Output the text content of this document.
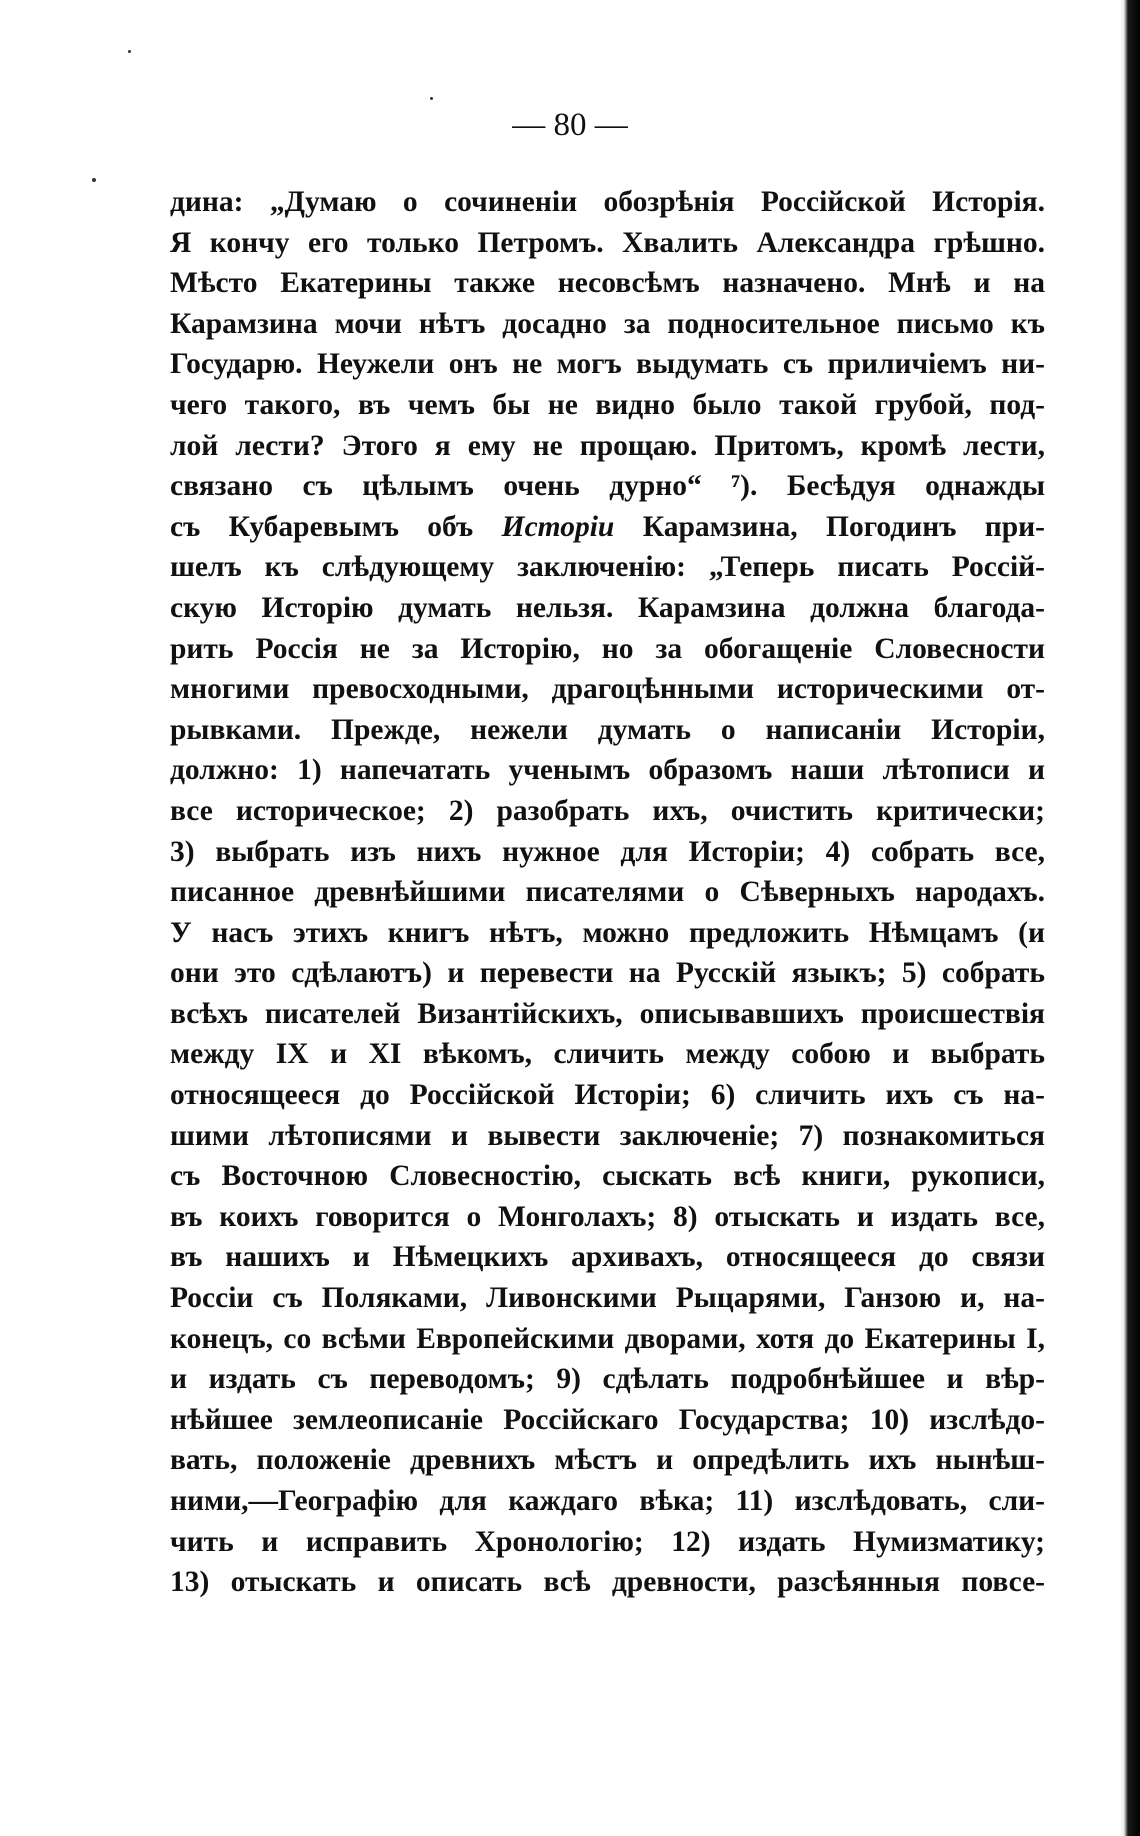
— 80 —
дина: „Думаю о сочиненіи обозрѣнія Россійской Исторія.
Я кончу его только Петромъ. Хвалить Александра грѣшно.
Мѣсто Екатерины также несовсѣмъ назначено. Мнѣ и на
Карамзина мочи нѣтъ досадно за подносительное письмо къ
Государю. Неужели онъ не могъ выдумать съ приличіемъ ни-
чего такого, въ чемъ бы не видно было такой грубой, под-
лой лести? Этого я ему не прощаю. Притомъ, кромѣ лести,
связано съ цѣлымъ очень дурно“ ⁷). Бесѣдуя однажды
съ Кубаревымъ объ Исторіи Карамзина, Погодинъ при-
шелъ къ слѣдующему заключенію: „Теперь писать Россій-
скую Исторію думать нельзя. Карамзина должна благода-
рить Россія не за Исторію, но за обогащеніе Словесности
многими превосходными, драгоцѣнными историческими от-
рывками. Прежде, нежели думать о написаніи Исторіи,
должно: 1) напечатать ученымъ образомъ наши лѣтописи и
все историческое; 2) разобрать ихъ, очистить критически;
3) выбрать изъ нихъ нужное для Исторіи; 4) собрать все,
писанное древнѣйшими писателями о Сѣверныхъ народахъ.
У насъ этихъ книгъ нѣтъ, можно предложить Нѣмцамъ (и
они это сдѣлаютъ) и перевести на Русскій языкъ; 5) собрать
всѣхъ писателей Византійскихъ, описывавшихъ происшествія
между IX и XI вѣкомъ, сличить между собою и выбрать
относящееся до Россійской Исторіи; 6) сличить ихъ съ на-
шими лѣтописями и вывести заключеніе; 7) познакомиться
съ Восточною Словесностію, сыскать всѣ книги, рукописи,
въ коихъ говорится о Монголахъ; 8) отыскать и издать все,
въ нашихъ и Нѣмецкихъ архивахъ, относящееся до связи
Россіи съ Поляками, Ливонскими Рыцарями, Ганзою и, на-
конецъ, со всѣми Европейскими дворами, хотя до Екатерины I,
и издать съ переводомъ; 9) сдѣлать подробнѣйшее и вѣр-
нѣйшее землеописаніе Россійскаго Государства; 10) изслѣдо-
вать, положеніе древнихъ мѣстъ и опредѣлить ихъ нынѣш-
ними,—Географію для каждаго вѣка; 11) изслѣдовать, сли-
чить и исправить Хронологію; 12) издать Нумизматику;
13) отыскать и описать всѣ древности, разсѣянныя повсе-
